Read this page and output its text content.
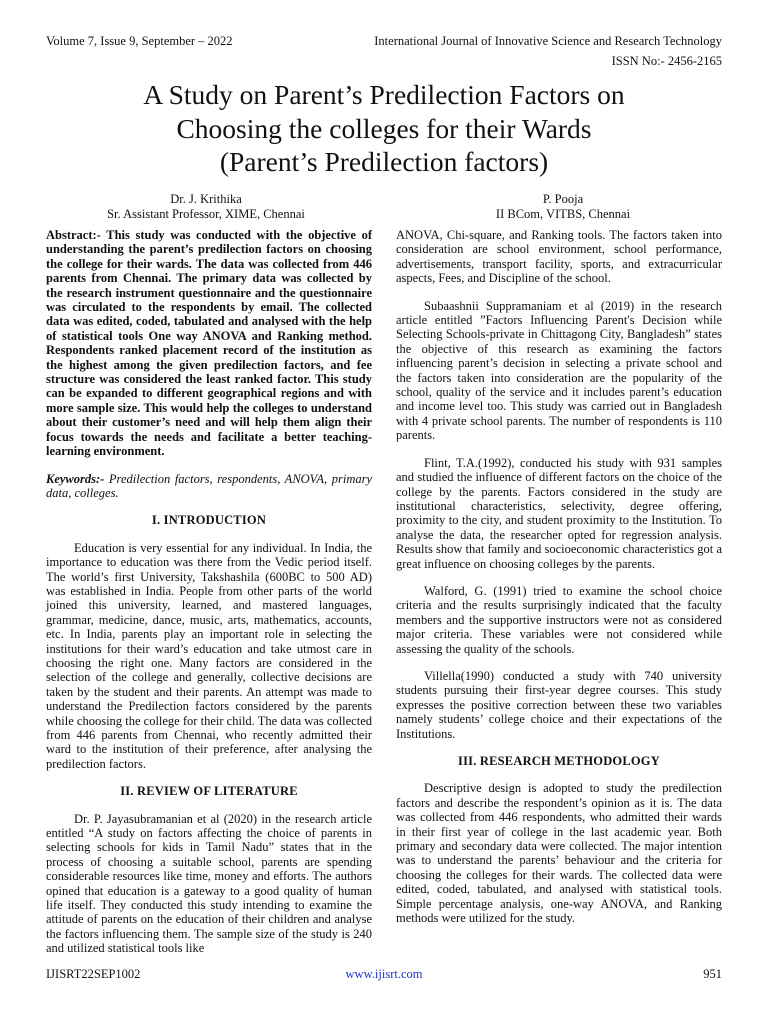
Volume 7, Issue 9, September – 2022	International Journal of Innovative Science and Research Technology
ISSN No:- 2456-2165
A Study on Parent’s Predilection Factors on
Choosing the colleges for their Wards
(Parent’s Predilection factors)
Dr. J. Krithika
Sr. Assistant Professor, XIME, Chennai
P. Pooja
II BCom, VITBS, Chennai

Abstract:- This study was conducted with the objective of understanding the parent’s predilection factors on choosing the college for their wards. The data was collected from 446 parents from Chennai. The primary data was collected by the research instrument questionnaire and the questionnaire was circulated to the respondents by email. The collected data was edited, coded, tabulated and analysed with the help of statistical tools One way ANOVA and Ranking method. Respondents ranked placement record of the institution as the highest among the given predilection factors, and fee structure was considered the least ranked factor. This study can be expanded to different geographical regions and with more sample size. This would help the colleges to understand about their customer’s need and will help them align their focus towards the needs and facilitate a better teaching-learning environment.

Keywords:- Predilection factors, respondents, ANOVA, primary data, colleges.

I. INTRODUCTION

Education is very essential for any individual. In India, the importance to education was there from the Vedic period itself. The world’s first University, Takshashila (600BC to 500 AD) was established in India. People from other parts of the world joined this university, learned, and mastered languages, grammar, medicine, dance, music, arts, mathematics, accounts, etc. In India, parents play an important role in selecting the institutions for their ward’s education and take utmost care in choosing the right one. Many factors are considered in the selection of the college and generally, collective decisions are taken by the student and their parents. An attempt was made to understand the Predilection factors considered by the parents while choosing the college for their child. The data was collected from 446 parents from Chennai, who recently admitted their ward to the institution of their preference, after analysing the predilection factors.

II. REVIEW OF LITERATURE

Dr. P. Jayasubramanian et al (2020) in the research article entitled “A study on factors affecting the choice of parents in selecting schools for kids in Tamil Nadu” states that in the process of choosing a suitable school, parents are spending considerable resources like time, money and efforts. The authors opined that education is a gateway to a good quality of human life itself. They conducted this study intending to examine the attitude of parents on the education of their children and analyse the factors influencing them. The sample size of the study is 240 and utilized statistical tools like

ANOVA, Chi-square, and Ranking tools. The factors taken into consideration are school environment, school performance, advertisements, transport facility, sports, and extracurricular aspects, Fees, and Discipline of the school.

Subaashnii Suppramaniam et al (2019) in the research article entitled ”Factors Influencing Parent's Decision while Selecting Schools-private in Chittagong City, Bangladesh” states the objective of this research as examining the factors influencing parent’s decision in selecting a private school and the factors taken into consideration are the popularity of the school, quality of the service and it includes parent’s education and income level too. This study was carried out in Bangladesh with 4 private school parents. The number of respondents is 110 parents.

Flint, T.A.(1992), conducted his study with 931 samples and studied the influence of different factors on the choice of the college by the parents. Factors considered in the study are institutional characteristics, selectivity, degree offering, proximity to the city, and student proximity to the Institution. To analyse the data, the researcher opted for regression analysis. Results show that family and socioeconomic characteristics got a great influence on choosing colleges by the parents.

Walford, G. (1991) tried to examine the school choice criteria and the results surprisingly indicated that the faculty members and the supportive instructors were not as considered major criteria. These variables were not considered while assessing the quality of the schools.

Villella(1990) conducted a study with 740 university students pursuing their first-year degree courses. This study expresses the positive correction between these two variables namely students’ college choice and their expectations of the Institutions.

III. RESEARCH METHODOLOGY

Descriptive design is adopted to study the predilection factors and describe the respondent’s opinion as it is. The data was collected from 446 respondents, who admitted their wards in their first year of college in the last academic year. Both primary and secondary data were collected. The major intention was to understand the parents’ behaviour and the criteria for choosing the colleges for their wards. The collected data were edited, coded, tabulated, and analysed with statistical tools. Simple percentage analysis, one-way ANOVA, and Ranking methods were utilized for the study.

IJISRT22SEP1002	www.ijisrt.com	951
